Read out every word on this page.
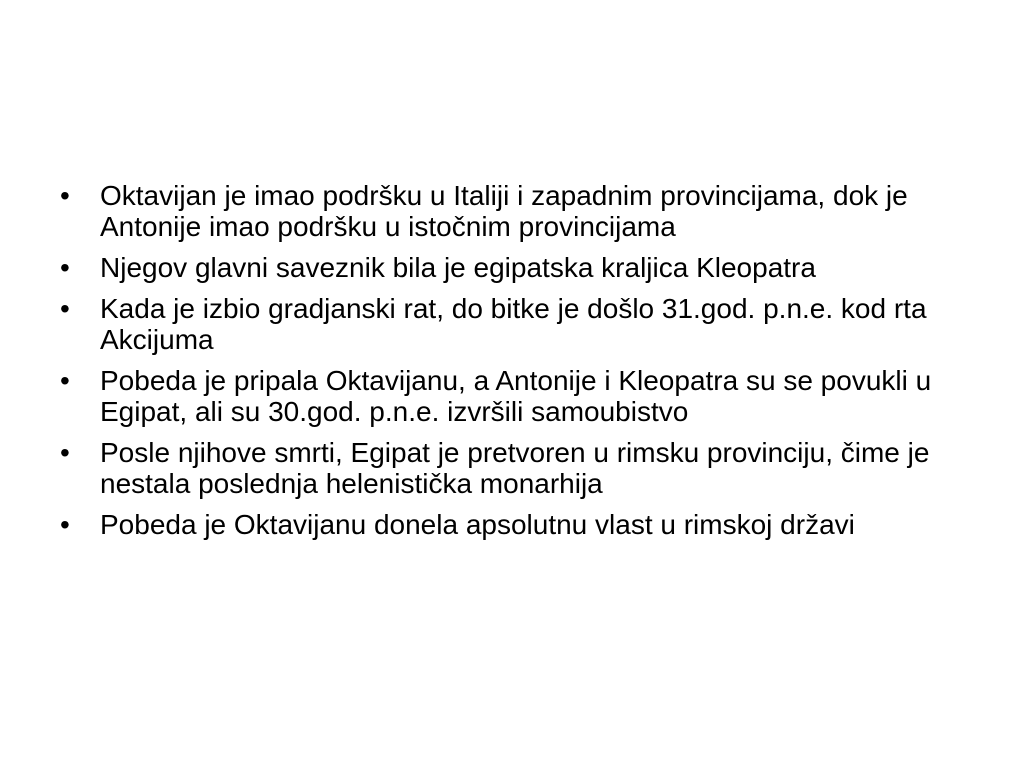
•	Oktavijan je imao podršku u Italiji i zapadnim provincijama, dok je Antonije imao podršku u istočnim provincijama
•	Njegov glavni saveznik bila je egipatska kraljica Kleopatra
•	Kada je izbio gradjanski rat, do bitke je došlo 31.god. p.n.e. kod rta Akcijuma
•	Pobeda je pripala Oktavijanu, a Antonije i Kleopatra su se povukli u Egipat, ali su 30.god. p.n.e. izvršili samoubistvo
•	Posle njihove smrti, Egipat je pretvoren u rimsku provinciju, čime je nestala poslednja helenistička monarhija
•	Pobeda je Oktavijanu donela apsolutnu vlast u rimskoj državi
